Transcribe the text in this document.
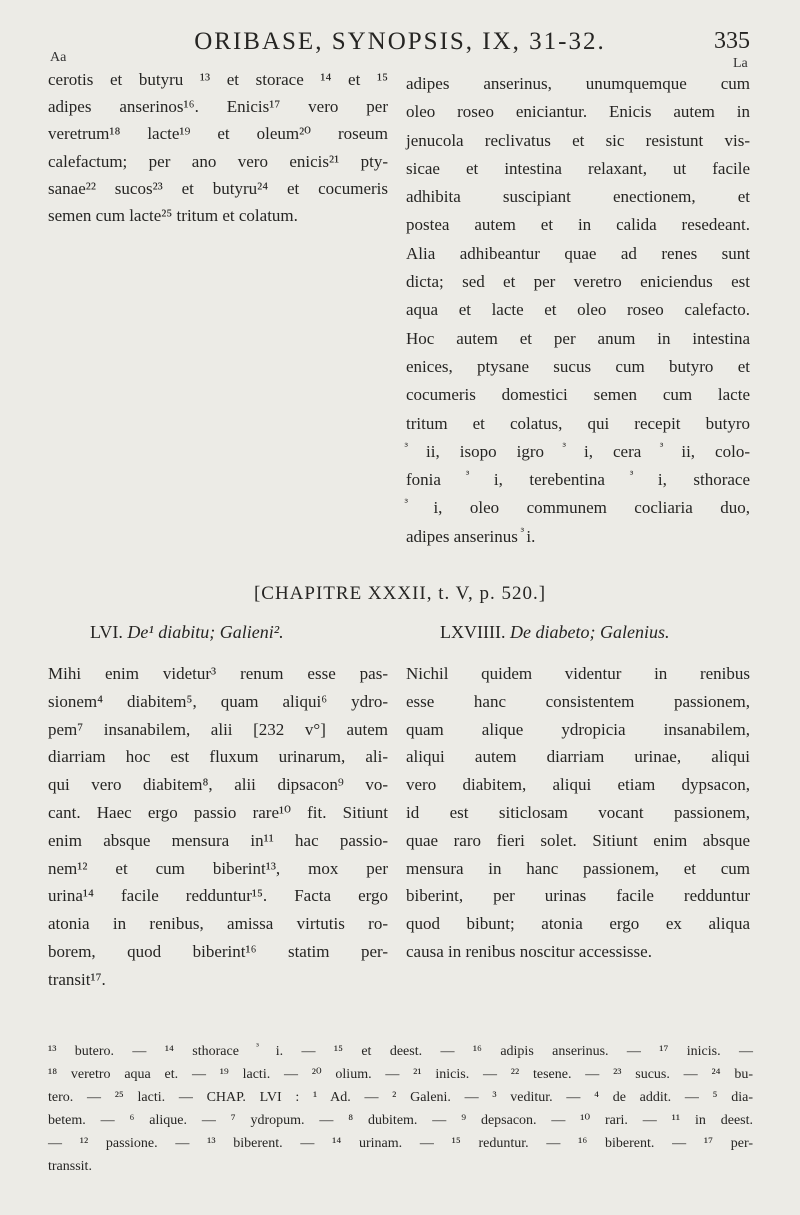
ORIBASE, SYNOPSIS, IX, 31-32.	335
Aa	La
cerotis et butyru ¹³ et storace ¹⁴ et ¹⁵
adipes anserinos¹⁶. Enicis¹⁷ vero per
veretrum¹⁸ lacte¹⁹ et oleum²⁰ roseum
calefactum; per ano vero enicis²¹ pty-
sanae²² sucos²³ et butyru²⁴ et cocumeris
semen cum lacte²⁵ tritum et colatum.
adipes anserinus, unumquemque cum
oleo roseo eniciantur. Enicis autem in
jenucola reclivatus et sic resistunt vis-
sicae et intestina relaxant, ut facile
adhibita suscipiant enectionem, et
postea autem et in calida resedeant.
Alia adhibeantur quae ad renes sunt
dicta; sed et per veretro eniciendus est
aqua et lacte et oleo roseo calefacto.
Hoc autem et per anum in intestina
enices, ptysane sucus cum butyro et
cocumeris domestici semen cum lacte
tritum et colatus, qui recepit butyro
ⷥ ii, isopo igro ⷥ i, cera ⷥ ii, colo-
fonia ⷥ i, terebentina ⷥ i, sthorace
ⷥ i, oleo communem cocliaria duo,
adipes anserinus ⷥ i.
[CHAPITRE XXXII, t. V, p. 520.]
LVI. De¹ diabitu; Galieni².	LXVIIII. De diabeto; Galenius.
Mihi enim videtur³ renum esse pas-
sionem⁴ diabitem⁵, quam aliqui⁶ ydro-
pem⁷ insanabilem, alii [232 v°] autem
diarriam hoc est fluxum urinarum, ali-
qui vero diabitem⁸, alii dipsacon⁹ vo-
cant. Haec ergo passio rare¹⁰ fit. Sitiunt
enim absque mensura in¹¹ hac passio-
nem¹² et cum biberint¹³, mox per
urina¹⁴ facile redduntur¹⁵. Facta ergo
atonia in renibus, amissa virtutis ro-
borem, quod biberint¹⁶ statim per-
transit¹⁷.
Nichil quidem videntur in renibus
esse hanc consistentem passionem,
quam alique ydropicia insanabilem,
aliqui autem diarriam urinae, aliqui
vero diabitem, aliqui etiam dypsacon,
id est siticlosam vocant passionem,
quae raro fieri solet. Sitiunt enim absque
mensura in hanc passionem, et cum
biberint, per urinas facile redduntur
quod bibunt; atonia ergo ex aliqua
causa in renibus noscitur accessisse.
¹³ butero. — ¹⁴ sthorace ⷥ i. — ¹⁵ et deest. — ¹⁶ adipis anserinus. — ¹⁷ inicis. —
¹⁸ veretro aqua et. — ¹⁹ lacti. — ²⁰ olium. — ²¹ inicis. — ²² tesene. — ²³ sucus. — ²⁴ bu-
tero. — ²⁵ lacti. — CHAP. LVI : ¹ Ad. — ² Galeni. — ³ veditur. — ⁴ de addit. — ⁵ dia-
betem. — ⁶ alique. — ⁷ ydropum. — ⁸ dubitem. — ⁹ depsacon. — ¹⁰ rari. — ¹¹ in deest.
— ¹² passione. — ¹³ biberent. — ¹⁴ urinam. — ¹⁵ reduntur. — ¹⁶ biberent. — ¹⁷ per-
transsit.
